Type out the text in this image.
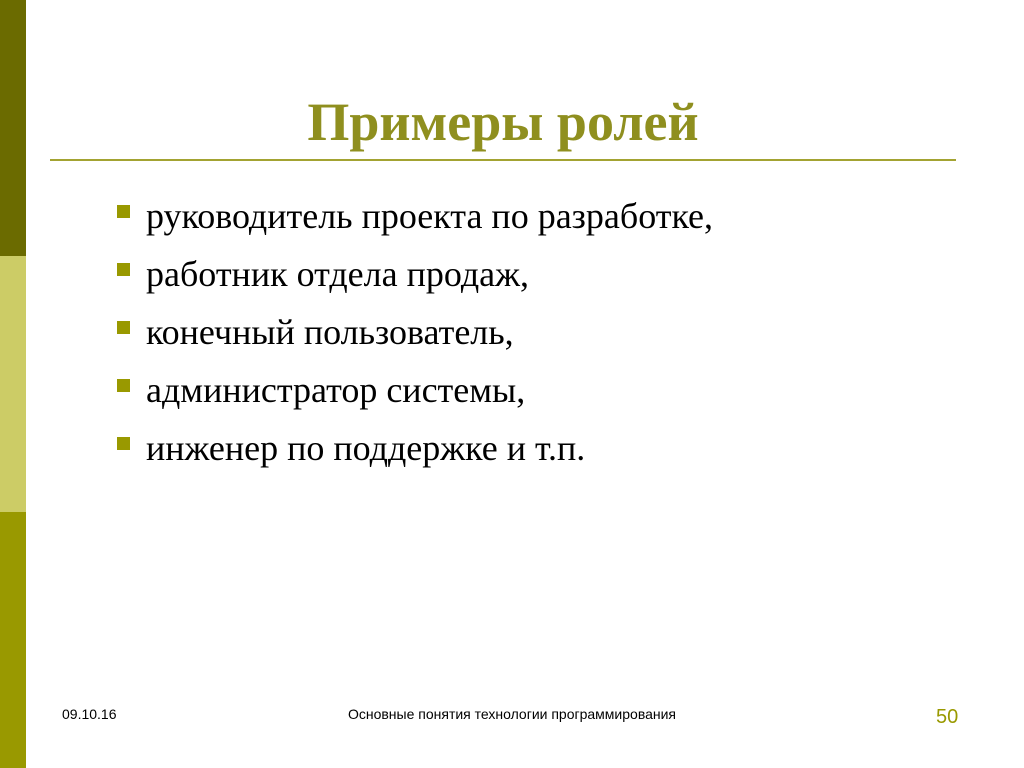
Примеры ролей
руководитель проекта по разработке,
работник отдела продаж,
конечный пользователь,
администратор системы,
инженер по поддержке и т.п.
09.10.16	Основные понятия технологии программирования	50
